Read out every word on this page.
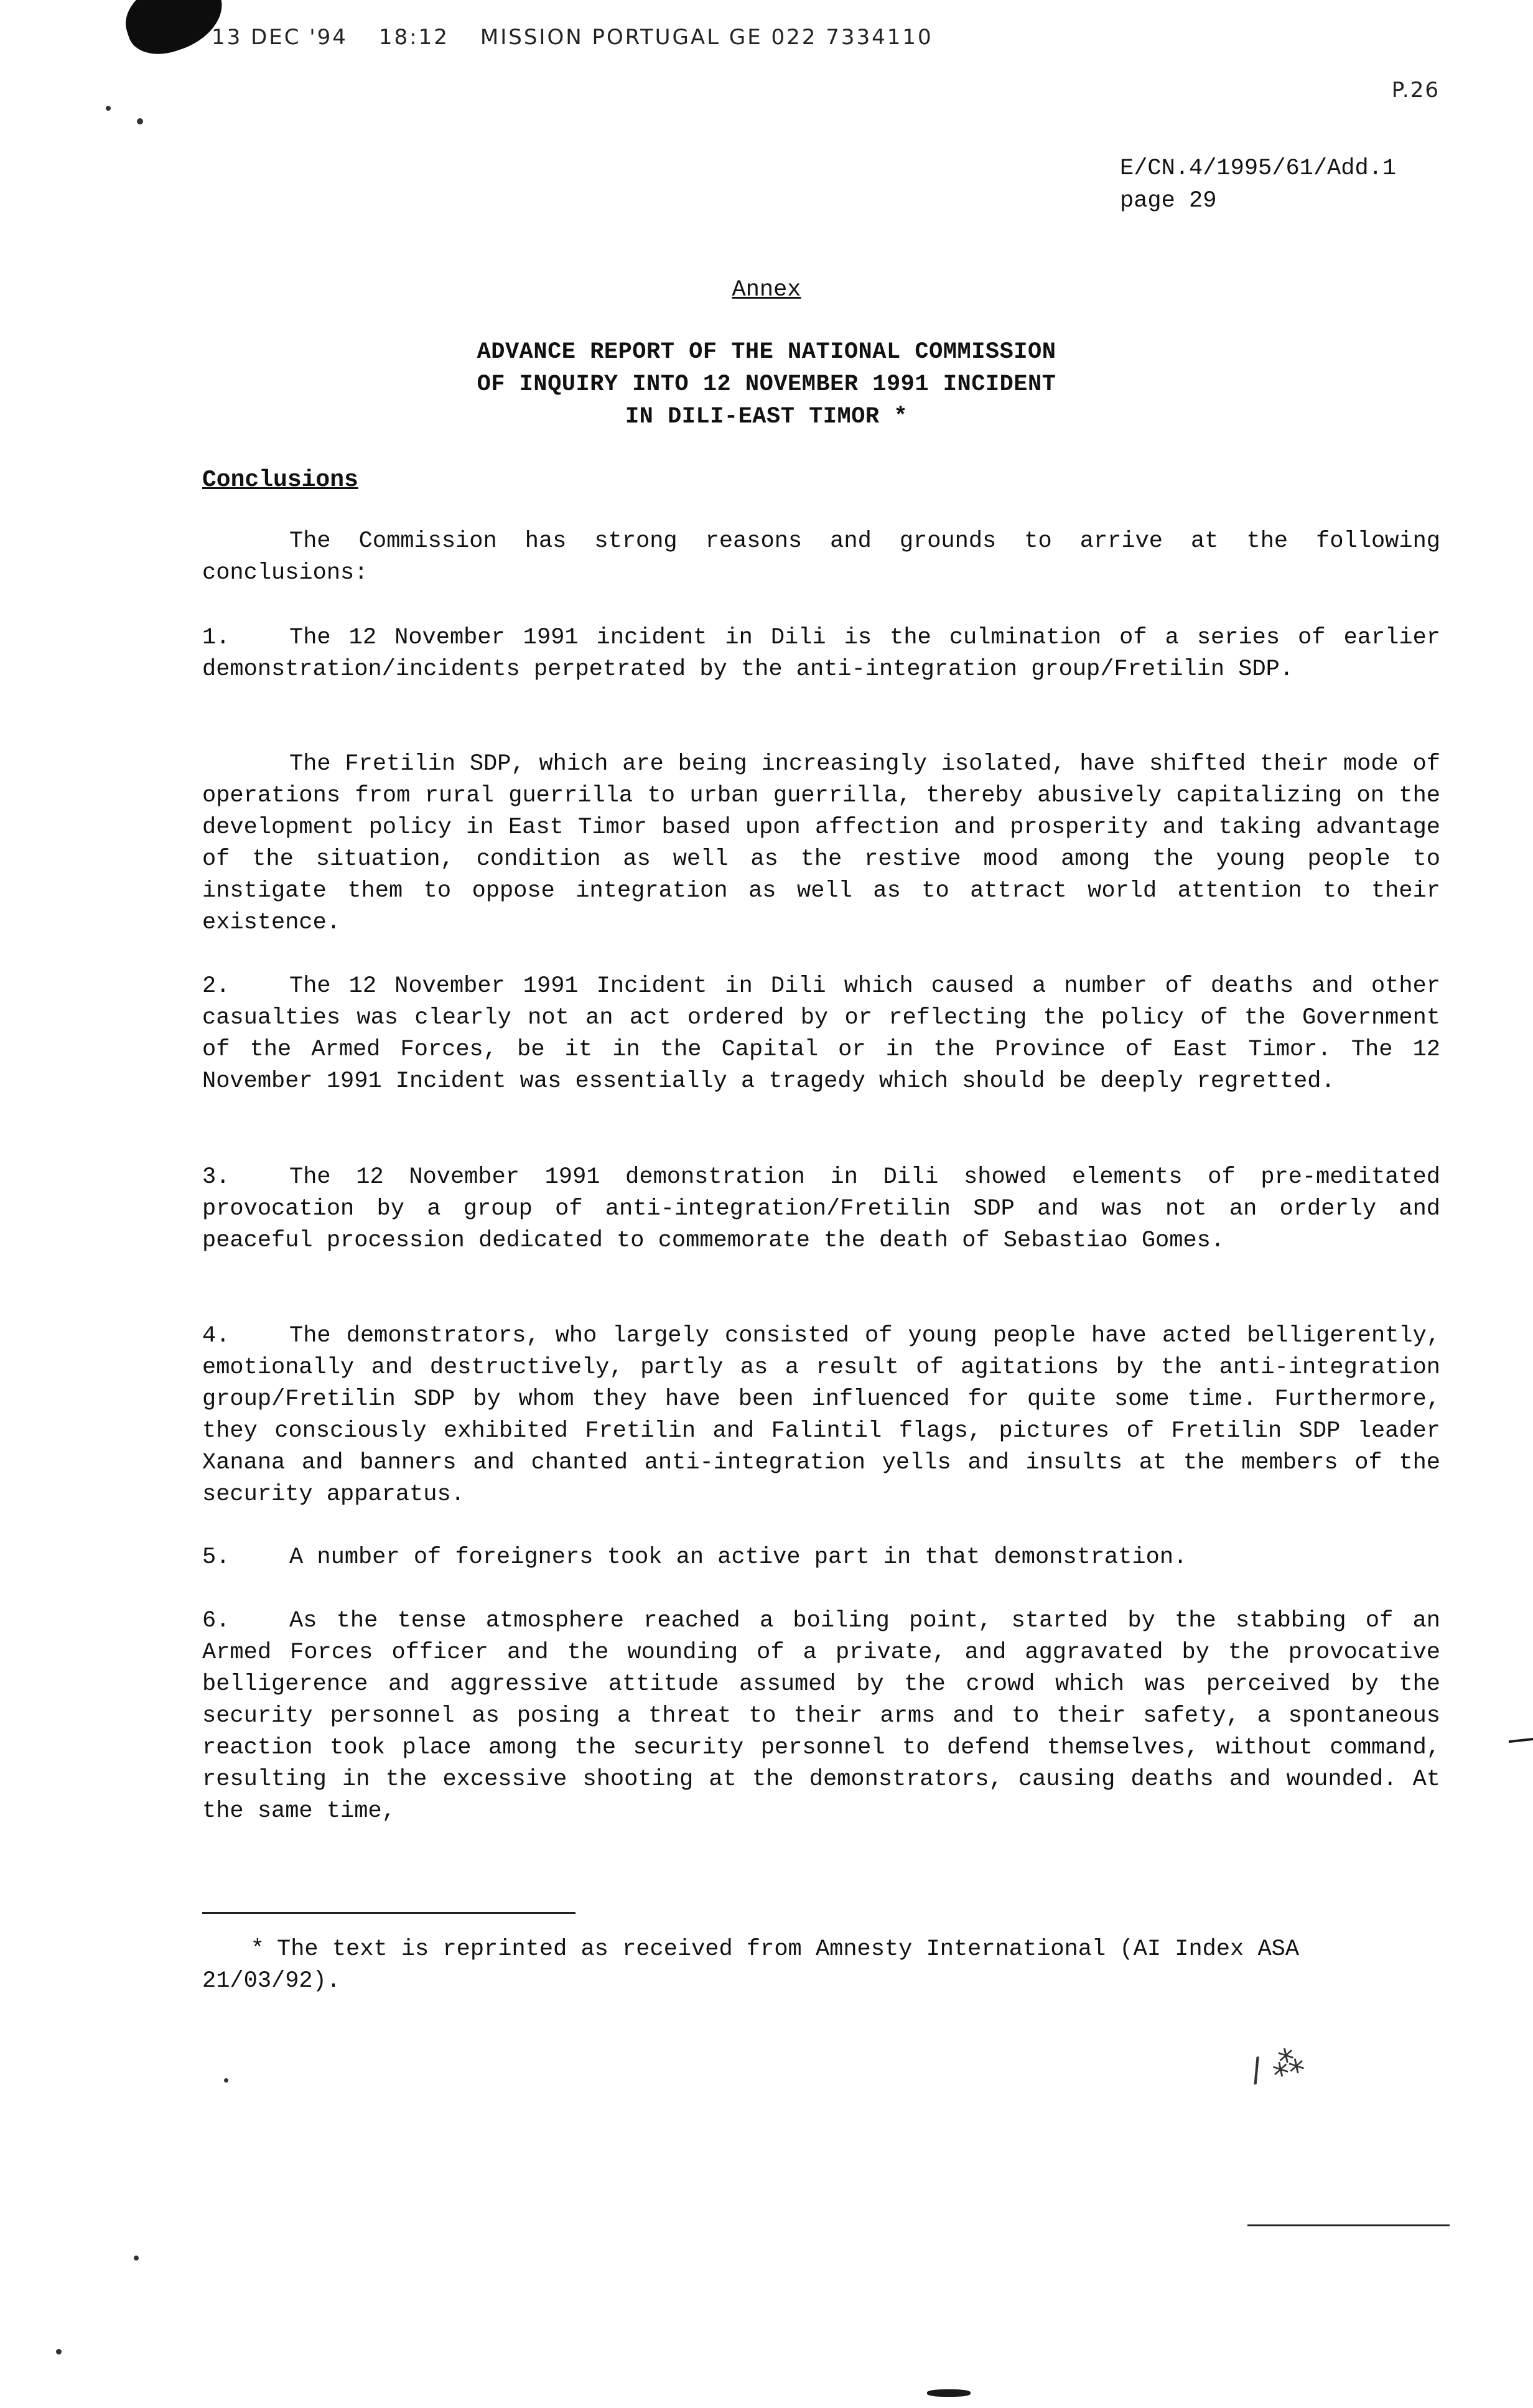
13 DEC '94 18:12 MISSION PORTUGAL GE 022 7334110
P.26
E/CN.4/1995/61/Add.1
page 29
Annex
ADVANCE REPORT OF THE NATIONAL COMMISSION
OF INQUIRY INTO 12 NOVEMBER 1991 INCIDENT
IN DILI-EAST TIMOR *
Conclusions
The Commission has strong reasons and grounds to arrive at the following conclusions:
1.	The 12 November 1991 incident in Dili is the culmination of a series of earlier demonstration/incidents perpetrated by the anti-integration group/Fretilin SDP.
The Fretilin SDP, which are being increasingly isolated, have shifted their mode of operations from rural guerrilla to urban guerrilla, thereby abusively capitalizing on the development policy in East Timor based upon affection and prosperity and taking advantage of the situation, condition as well as the restive mood among the young people to instigate them to oppose integration as well as to attract world attention to their existence.
2.	The 12 November 1991 Incident in Dili which caused a number of deaths and other casualties was clearly not an act ordered by or reflecting the policy of the Government of the Armed Forces, be it in the Capital or in the Province of East Timor. The 12 November 1991 Incident was essentially a tragedy which should be deeply regretted.
3.	The 12 November 1991 demonstration in Dili showed elements of pre-meditated provocation by a group of anti-integration/Fretilin SDP and was not an orderly and peaceful procession dedicated to commemorate the death of Sebastiao Gomes.
4.	The demonstrators, who largely consisted of young people have acted belligerently, emotionally and destructively, partly as a result of agitations by the anti-integration group/Fretilin SDP by whom they have been influenced for quite some time. Furthermore, they consciously exhibited Fretilin and Falintil flags, pictures of Fretilin SDP leader Xanana and banners and chanted anti-integration yells and insults at the members of the security apparatus.
5.	A number of foreigners took an active part in that demonstration.
6.	As the tense atmosphere reached a boiling point, started by the stabbing of an Armed Forces officer and the wounding of a private, and aggravated by the provocative belligerence and aggressive attitude assumed by the crowd which was perceived by the security personnel as posing a threat to their arms and to their safety, a spontaneous reaction took place among the security personnel to defend themselves, without command, resulting in the excessive shooting at the demonstrators, causing deaths and wounded. At the same time,
* The text is reprinted as received from Amnesty International (AI Index ASA 21/03/92).
/ ⁂
